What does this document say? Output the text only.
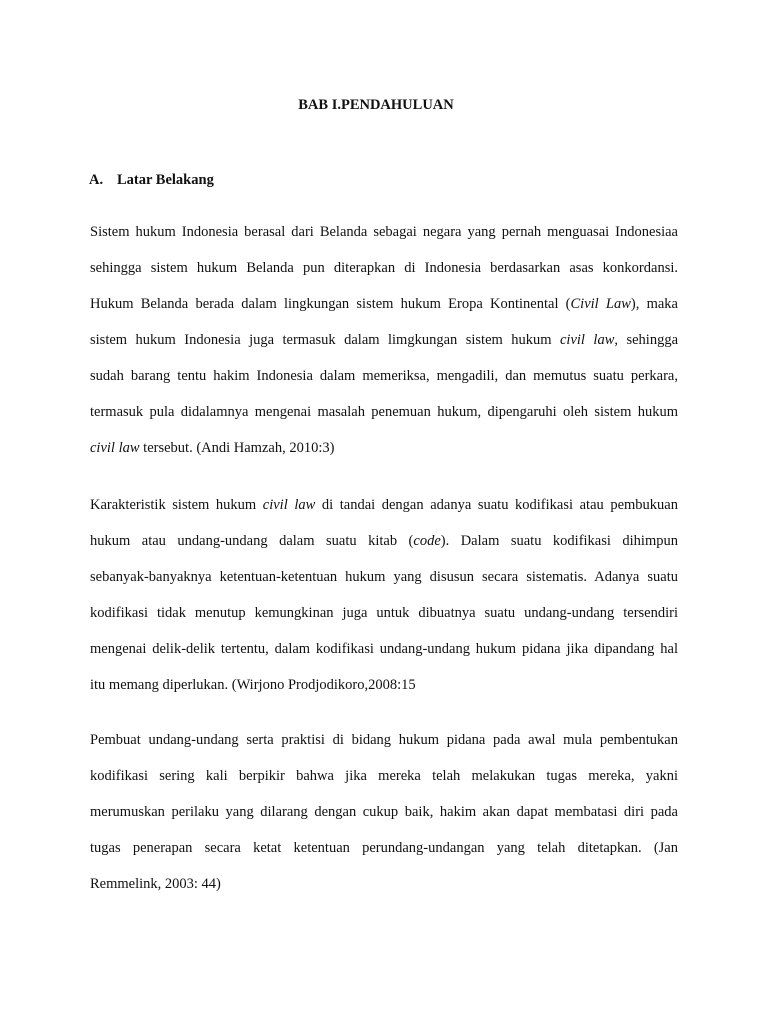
BAB I.PENDAHULUAN
A. Latar Belakang
Sistem hukum Indonesia berasal dari Belanda sebagai negara yang pernah menguasai Indonesiaa
sehingga sistem hukum Belanda pun diterapkan di Indonesia berdasarkan asas konkordansi.
Hukum Belanda berada dalam lingkungan sistem hukum Eropa Kontinental (Civil Law), maka
sistem hukum Indonesia juga termasuk dalam limgkungan sistem hukum civil law, sehingga
sudah barang tentu hakim Indonesia dalam memeriksa, mengadili, dan memutus suatu perkara,
termasuk pula didalamnya mengenai masalah penemuan hukum, dipengaruhi oleh sistem hukum
civil law tersebut. (Andi Hamzah, 2010:3)
Karakteristik sistem hukum civil law di tandai dengan adanya suatu kodifikasi atau pembukuan
hukum atau undang-undang dalam suatu kitab (code). Dalam suatu kodifikasi dihimpun
sebanyak-banyaknya ketentuan-ketentuan hukum yang disusun secara sistematis. Adanya suatu
kodifikasi tidak menutup kemungkinan juga untuk dibuatnya suatu undang-undang tersendiri
mengenai delik-delik tertentu, dalam kodifikasi undang-undang hukum pidana jika dipandang hal
itu memang diperlukan. (Wirjono Prodjodikoro,2008:15
Pembuat undang-undang serta praktisi di bidang hukum pidana pada awal mula pembentukan
kodifikasi sering kali berpikir bahwa jika mereka telah melakukan tugas mereka, yakni
merumuskan perilaku yang dilarang dengan cukup baik, hakim akan dapat membatasi diri pada
tugas penerapan secara ketat ketentuan perundang-undangan yang telah ditetapkan. (Jan
Remmelink, 2003: 44)
